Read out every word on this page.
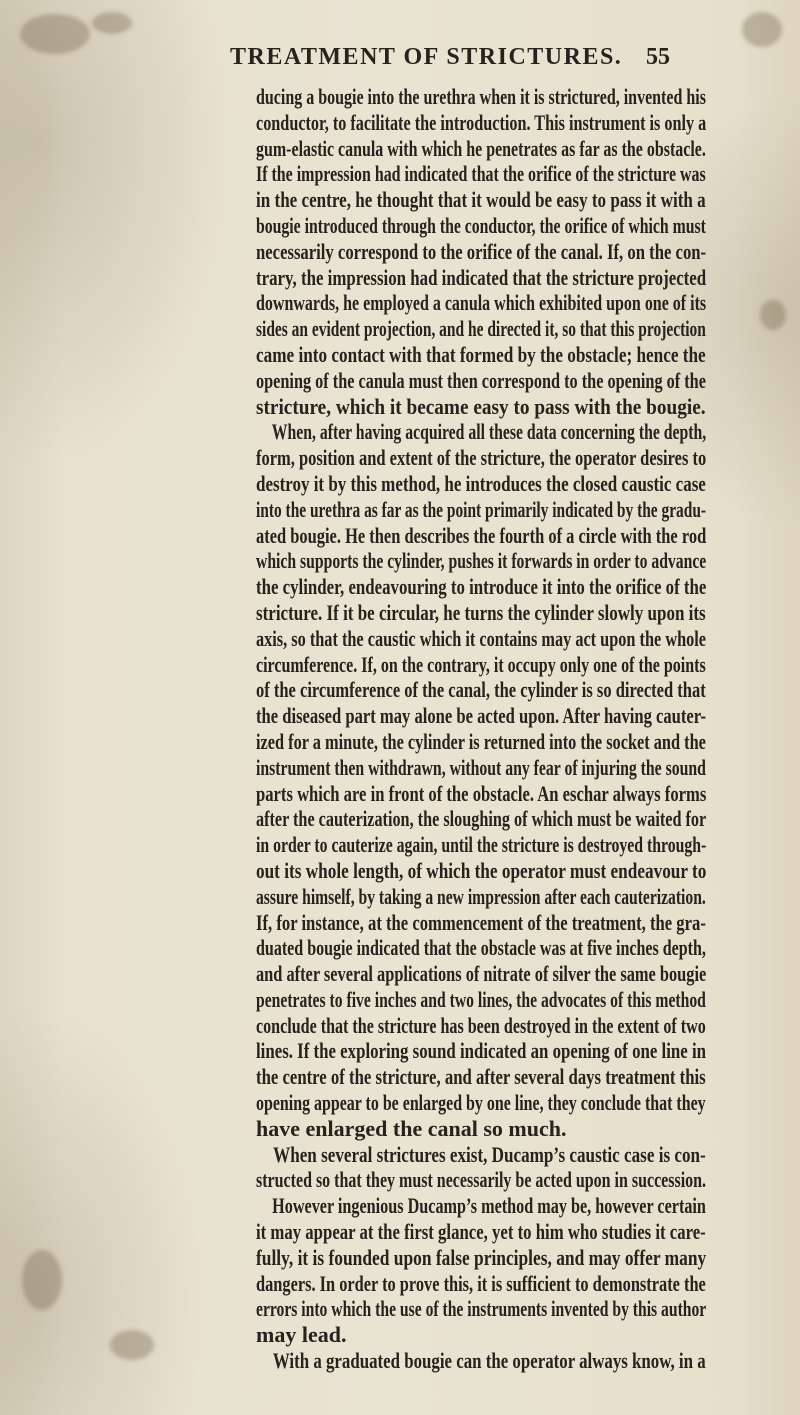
TREATMENT OF STRICTURES. 55
ducing a bougie into the urethra when it is strictured, invented his
conductor, to facilitate the introduction. This instrument is only a
gum-elastic canula with which he penetrates as far as the obstacle.
If the impression had indicated that the orifice of the stricture was
in the centre, he thought that it would be easy to pass it with a
bougie introduced through the conductor, the orifice of which must
necessarily correspond to the orifice of the canal. If, on the con-
trary, the impression had indicated that the stricture projected
downwards, he employed a canula which exhibited upon one of its
sides an evident projection, and he directed it, so that this projection
came into contact with that formed by the obstacle; hence the
opening of the canula must then correspond to the opening of the
stricture, which it became easy to pass with the bougie.
When, after having acquired all these data concerning the depth,
form, position and extent of the stricture, the operator desires to
destroy it by this method, he introduces the closed caustic case
into the urethra as far as the point primarily indicated by the gradu-
ated bougie. He then describes the fourth of a circle with the rod
which supports the cylinder, pushes it forwards in order to advance
the cylinder, endeavouring to introduce it into the orifice of the
stricture. If it be circular, he turns the cylinder slowly upon its
axis, so that the caustic which it contains may act upon the whole
circumference. If, on the contrary, it occupy only one of the points
of the circumference of the canal, the cylinder is so directed that
the diseased part may alone be acted upon. After having cauter-
ized for a minute, the cylinder is returned into the socket and the
instrument then withdrawn, without any fear of injuring the sound
parts which are in front of the obstacle. An eschar always forms
after the cauterization, the sloughing of which must be waited for
in order to cauterize again, until the stricture is destroyed through-
out its whole length, of which the operator must endeavour to
assure himself, by taking a new impression after each cauterization.
If, for instance, at the commencement of the treatment, the gra-
duated bougie indicated that the obstacle was at five inches depth,
and after several applications of nitrate of silver the same bougie
penetrates to five inches and two lines, the advocates of this method
conclude that the stricture has been destroyed in the extent of two
lines. If the exploring sound indicated an opening of one line in
the centre of the stricture, and after several days treatment this
opening appear to be enlarged by one line, they conclude that they
have enlarged the canal so much.
When several strictures exist, Ducamp’s caustic case is con-
structed so that they must necessarily be acted upon in succession.
However ingenious Ducamp’s method may be, however certain
it may appear at the first glance, yet to him who studies it care-
fully, it is founded upon false principles, and may offer many
dangers. In order to prove this, it is sufficient to demonstrate the
errors into which the use of the instruments invented by this author
may lead.
With a graduated bougie can the operator always know, in a
